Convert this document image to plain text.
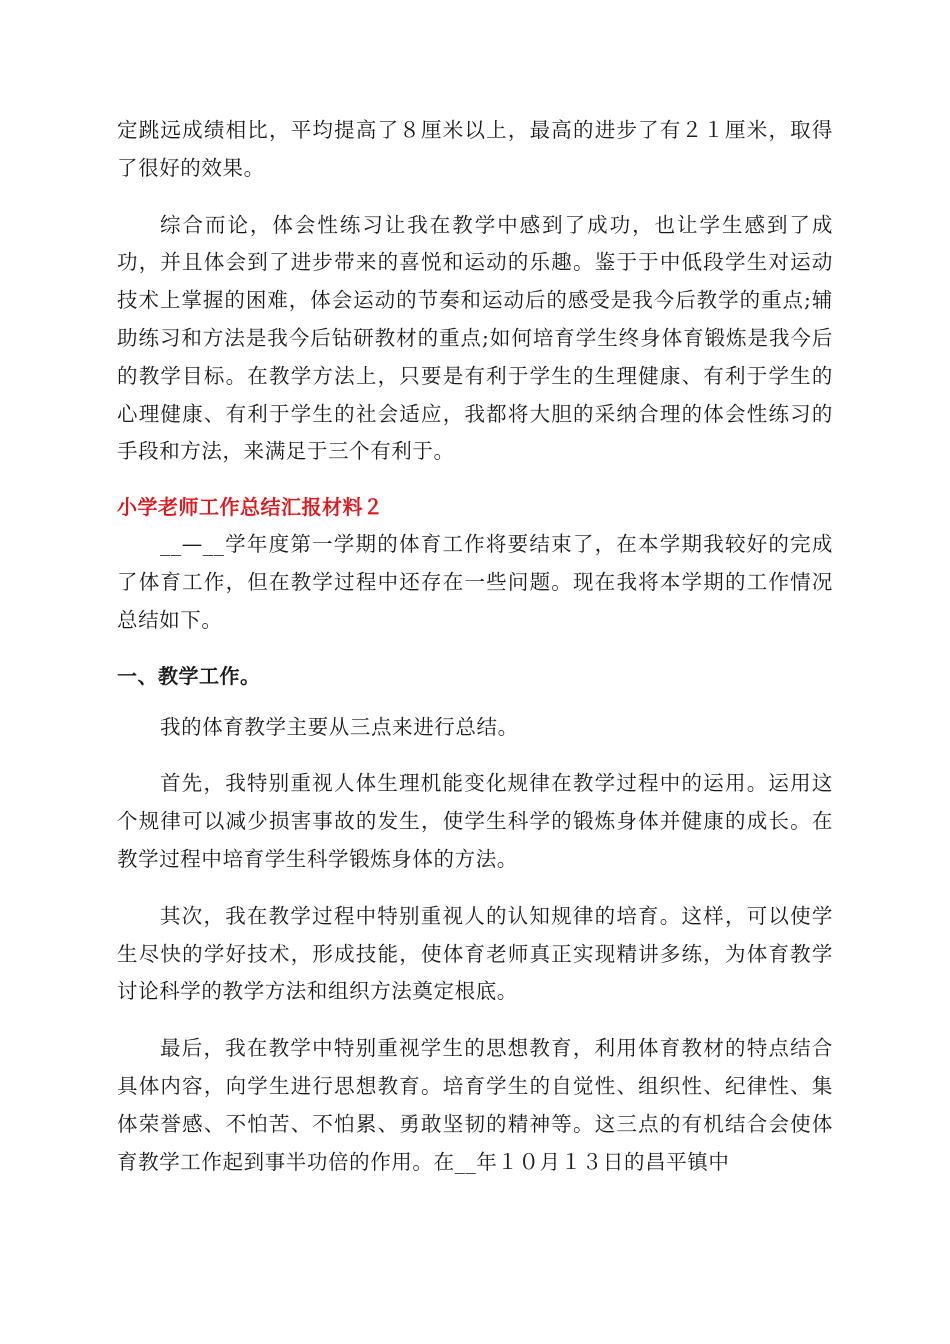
定跳远成绩相比，平均提高了８厘米以上，最高的进步了有２１厘米，取得了很好的效果。

综合而论，体会性练习让我在教学中感到了成功，也让学生感到了成功，并且体会到了进步带来的喜悦和运动的乐趣。鉴于于中低段学生对运动技术上掌握的困难，体会运动的节奏和运动后的感受是我今后教学的重点;辅助练习和方法是我今后钻研教材的重点;如何培育学生终身体育锻炼是我今后的教学目标。在教学方法上，只要是有利于学生的生理健康、有利于学生的心理健康、有利于学生的社会适应，我都将大胆的采纳合理的体会性练习的手段和方法，来满足于三个有利于。

小学老师工作总结汇报材料２

__—__学年度第一学期的体育工作将要结束了，在本学期我较好的完成了体育工作，但在教学过程中还存在一些问题。现在我将本学期的工作情况总结如下。

一、教学工作。

我的体育教学主要从三点来进行总结。

首先，我特别重视人体生理机能变化规律在教学过程中的运用。运用这个规律可以减少损害事故的发生，使学生科学的锻炼身体并健康的成长。在教学过程中培育学生科学锻炼身体的方法。

其次，我在教学过程中特别重视人的认知规律的培育。这样，可以使学生尽快的学好技术，形成技能，使体育老师真正实现精讲多练，为体育教学讨论科学的教学方法和组织方法奠定根底。

最后，我在教学中特别重视学生的思想教育，利用体育教材的特点结合具体内容，向学生进行思想教育。培育学生的自觉性、组织性、纪律性、集体荣誉感、不怕苦、不怕累、勇敢坚韧的精神等。这三点的有机结合会使体育教学工作起到事半功倍的作用。在__年１０月１３日的昌平镇中
